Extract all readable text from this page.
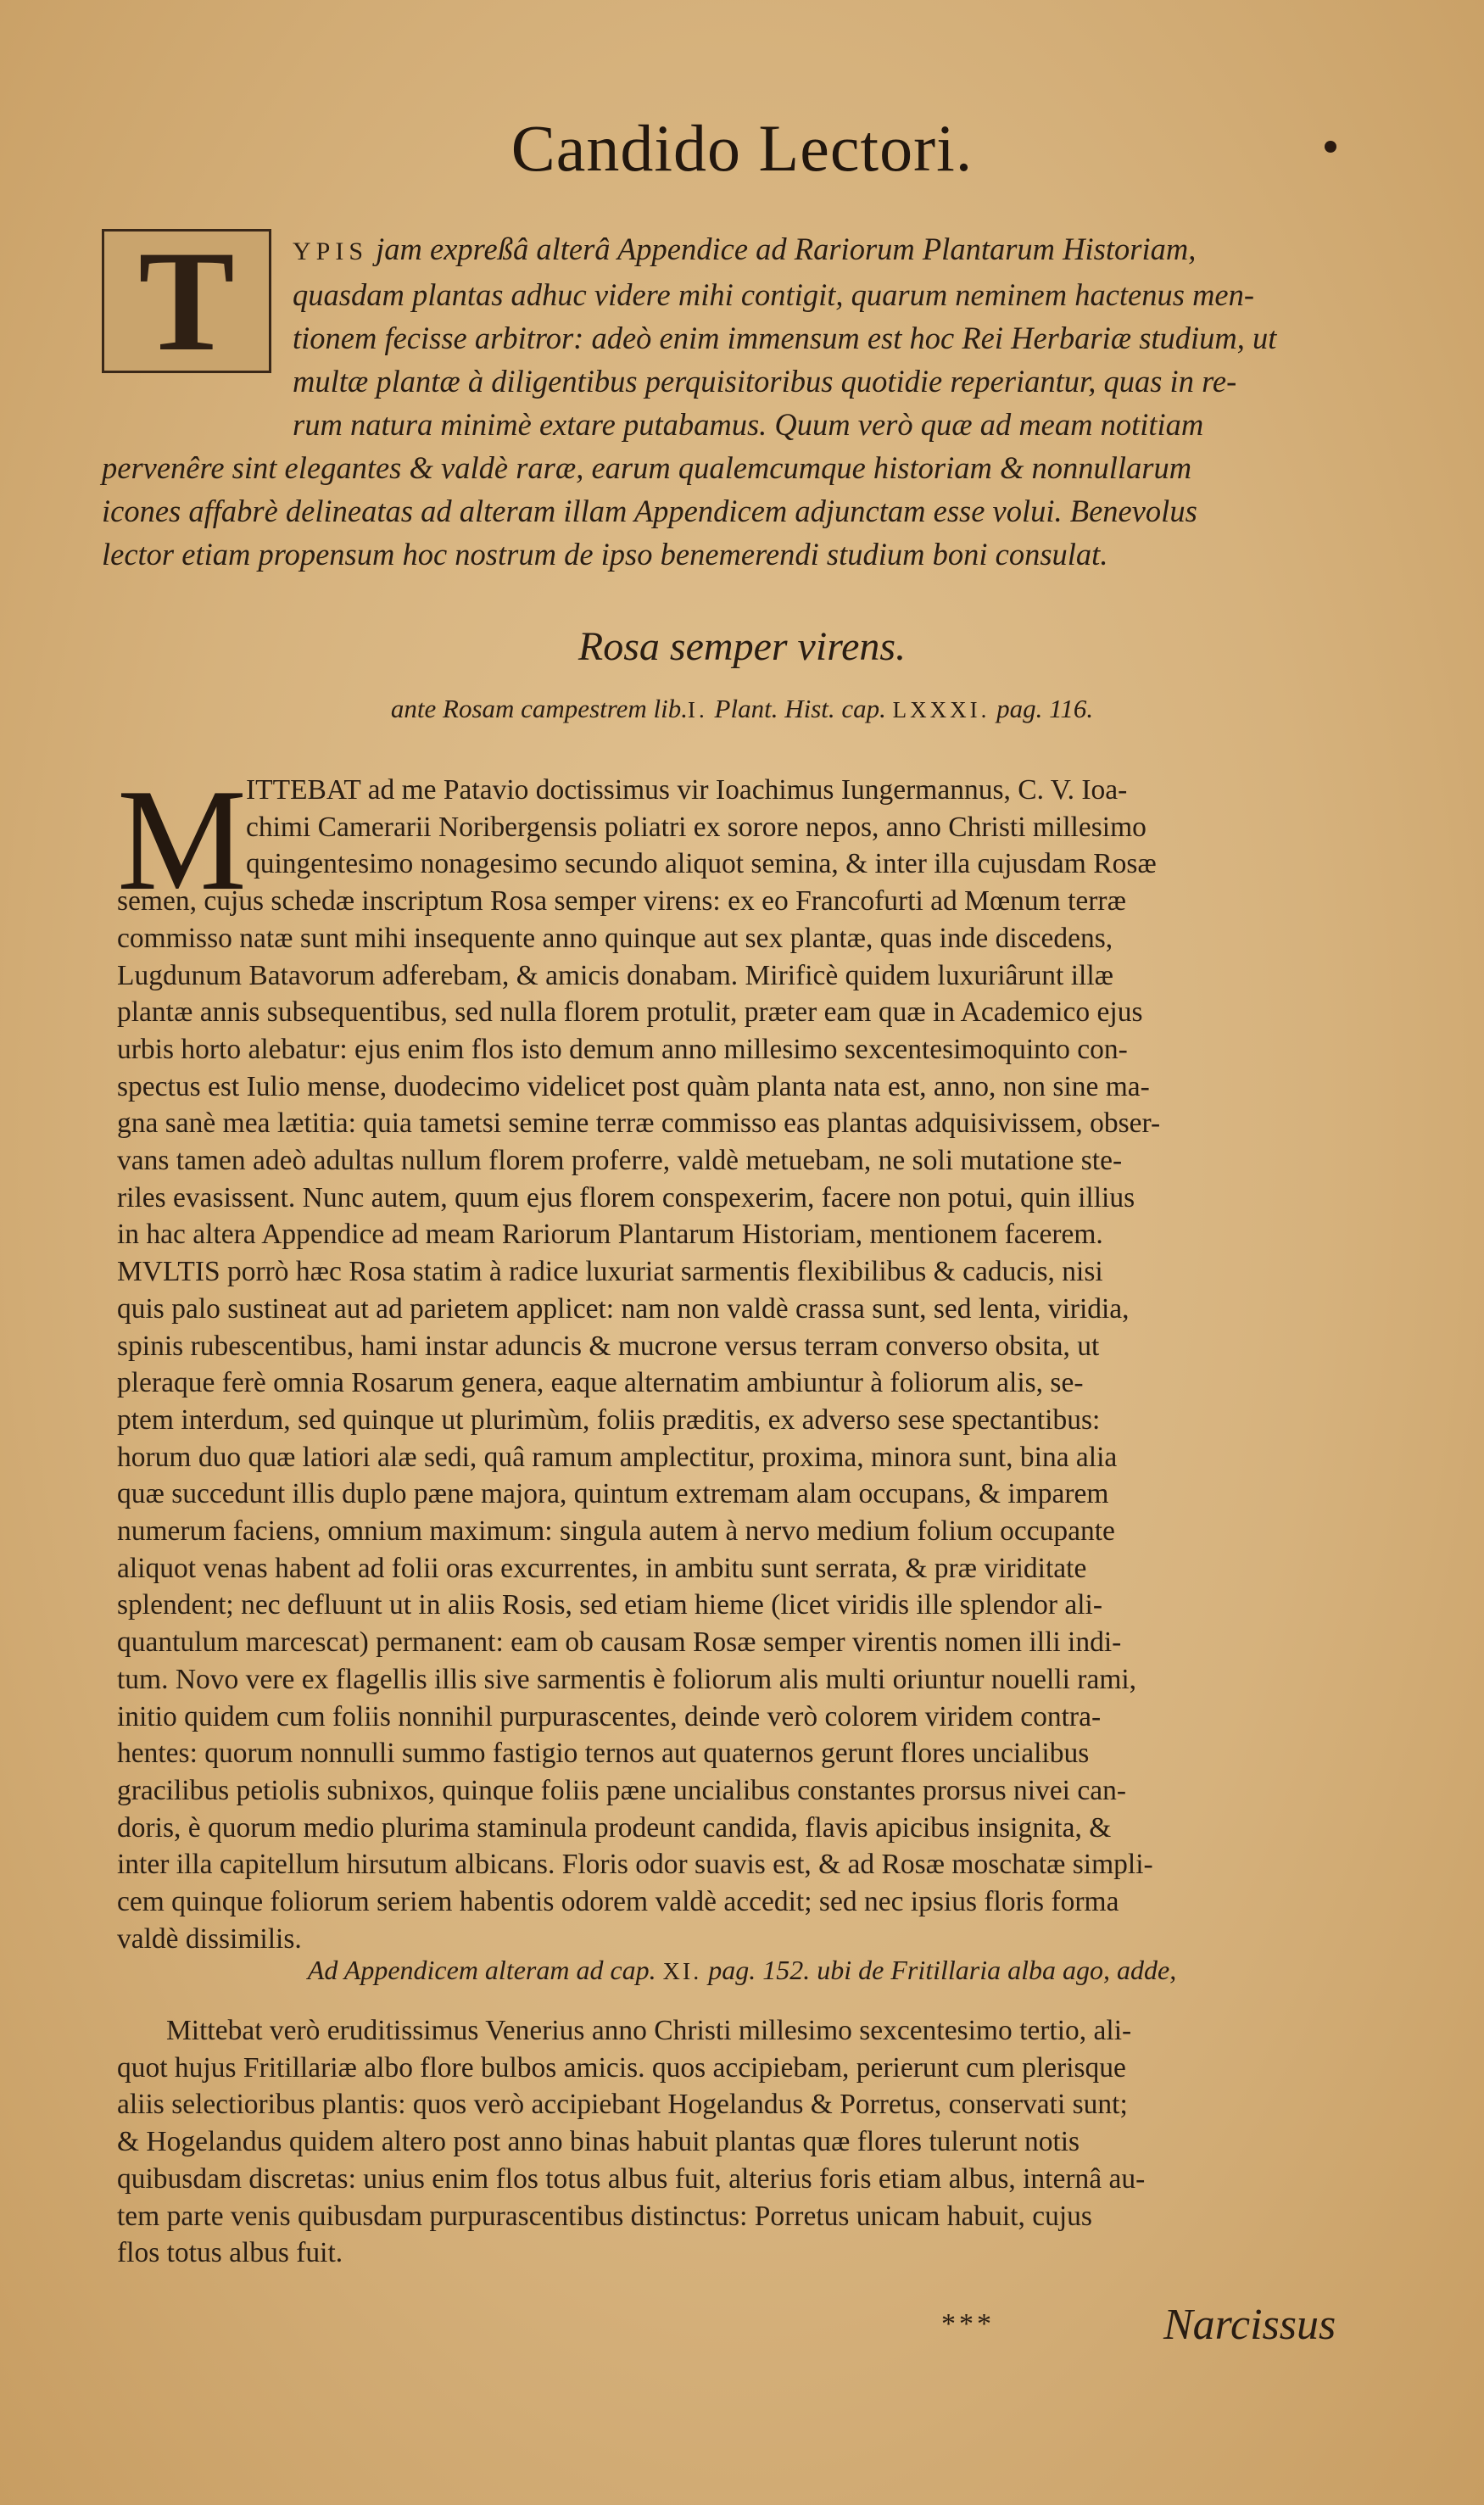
Candido Lectori.
T	YPIS jam expreßâ alterâ Appendice ad Rariorum Plantarum Historiam,
quasdam plantas adhuc videre mihi contigit, quarum neminem hactenus men-
tionem fecisse arbitror: adeò enim immensum est hoc Rei Herbariæ studium, ut
multæ plantæ à diligentibus perquisitoribus quotidie reperiantur, quas in re-
rum natura minimè extare putabamus. Quum verò quæ ad meam notitiam
pervenêre sint elegantes & valdè raræ, earum qualemcumque historiam & nonnullarum
icones affabrè delineatas ad alteram illam Appendicem adjunctam esse volui. Benevolus
lector etiam propensum hoc nostrum de ipso benemerendi studium boni consulat.
Rosa semper virens.
ante Rosam campestrem lib.I. Plant. Hist. cap. LXXXI. pag. 116.
M ITTEBAT ad me Patavio doctissimus vir Ioachimus Iungermannus, C. V. Ioa-
chimi Camerarii Noribergensis poliatri ex sorore nepos, anno Christi millesimo
quingentesimo nonagesimo secundo aliquot semina, & inter illa cujusdam Rosæ
semen, cujus schedæ inscriptum Rosa semper virens: ex eo Francofurti ad Mœnum terræ
commisso natæ sunt mihi insequente anno quinque aut sex plantæ, quas inde discedens,
Lugdunum Batavorum adferebam, & amicis donabam. Mirificè quidem luxuriârunt illæ
plantæ annis subsequentibus, sed nulla florem protulit, præter eam quæ in Academico ejus
urbis horto alebatur: ejus enim flos isto demum anno millesimo sexcentesimoquinto con-
spectus est Iulio mense, duodecimo videlicet post quàm planta nata est, anno, non sine ma-
gna sanè mea lætitia: quia tametsi semine terræ commisso eas plantas adquisivissem, obser-
vans tamen adeò adultas nullum florem proferre, valdè metuebam, ne soli mutatione ste-
riles evasissent. Nunc autem, quum ejus florem conspexerim, facere non potui, quin illius
in hac altera Appendice ad meam Rariorum Plantarum Historiam, mentionem facerem.
MVLTIS porrò hæc Rosa statim à radice luxuriat sarmentis flexibilibus & caducis, nisi
quis palo sustineat aut ad parietem applicet: nam non valdè crassa sunt, sed lenta, viridia,
spinis rubescentibus, hami instar aduncis & mucrone versus terram converso obsita, ut
pleraque ferè omnia Rosarum genera, eaque alternatim ambiuntur à foliorum alis, se-
ptem interdum, sed quinque ut plurimùm, foliis præditis, ex adverso sese spectantibus:
horum duo quæ latiori alæ sedi, quâ ramum amplectitur, proxima, minora sunt, bina alia
quæ succedunt illis duplo pæne majora, quintum extremam alam occupans, & imparem
numerum faciens, omnium maximum: singula autem à nervo medium folium occupante
aliquot venas habent ad folii oras excurrentes, in ambitu sunt serrata, & præ viriditate
splendent; nec defluunt ut in aliis Rosis, sed etiam hieme (licet viridis ille splendor ali-
quantulum marcescat) permanent: eam ob causam Rosæ semper virentis nomen illi indi-
tum. Novo vere ex flagellis illis sive sarmentis è foliorum alis multi oriuntur nouelli rami,
initio quidem cum foliis nonnihil purpurascentes, deinde verò colorem viridem contra-
hentes: quorum nonnulli summo fastigio ternos aut quaternos gerunt flores uncialibus
gracilibus petiolis subnixos, quinque foliis pæne uncialibus constantes prorsus nivei can-
doris, è quorum medio plurima staminula prodeunt candida, flavis apicibus insignita, &
inter illa capitellum hirsutum albicans. Floris odor suavis est, & ad Rosæ moschatæ simpli-
cem quinque foliorum seriem habentis odorem valdè accedit; sed nec ipsius floris forma
valdè dissimilis.
Ad Appendicem alteram ad cap. XI. pag. 152. ubi de Fritillaria alba ago, adde,
Mittebat verò eruditissimus Venerius anno Christi millesimo sexcentesimo tertio, ali-
quot hujus Fritillariæ albo flore bulbos amicis. quos accipiebam, perierunt cum plerisque
aliis selectioribus plantis: quos verò accipiebant Hogelandus & Porretus, conservati sunt;
& Hogelandus quidem altero post anno binas habuit plantas quæ flores tulerunt notis
quibusdam discretas: unius enim flos totus albus fuit, alterius foris etiam albus, internâ au-
tem parte venis quibusdam purpurascentibus distinctus: Porretus unicam habuit, cujus
flos totus albus fuit.
***	Narcissus
